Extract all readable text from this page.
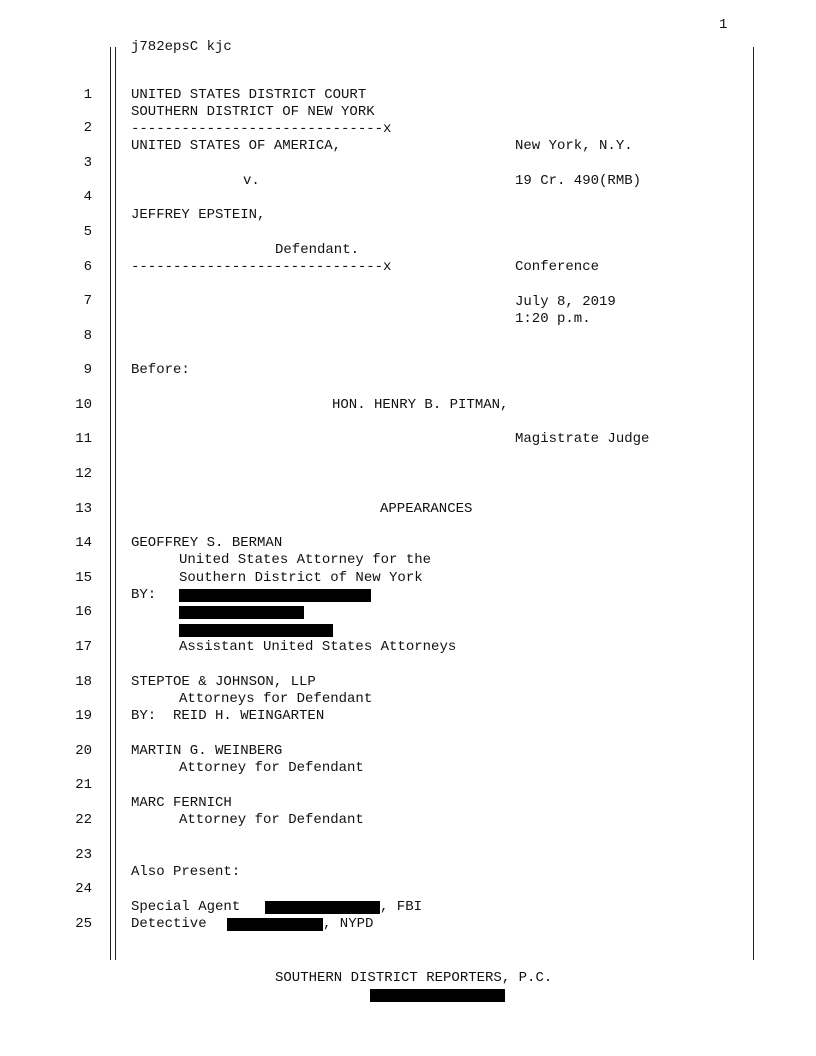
1
j782epsC kjc
1
2
3
4
5
6
7
8
9
10
11
12
13
14
15
16
17
18
19
20
21
22
23
24
25
UNITED STATES DISTRICT COURT
SOUTHERN DISTRICT OF NEW YORK
------------------------------x
UNITED STATES OF AMERICA,	New York, N.Y.
v.	19 Cr. 490(RMB)
JEFFREY EPSTEIN,
Defendant.
------------------------------x	Conference
July 8, 2019
1:20 p.m.
Before:
HON. HENRY B. PITMAN,
Magistrate Judge
APPEARANCES
GEOFFREY S. BERMAN
United States Attorney for the
Southern District of New York
BY:
Assistant United States Attorneys
STEPTOE & JOHNSON, LLP
Attorneys for Defendant
BY:  REID H. WEINGARTEN
MARTIN G. WEINBERG
Attorney for Defendant
MARC FERNICH
Attorney for Defendant
Also Present:
Special Agent	, FBI
Detective	, NYPD
SOUTHERN DISTRICT REPORTERS, P.C.
